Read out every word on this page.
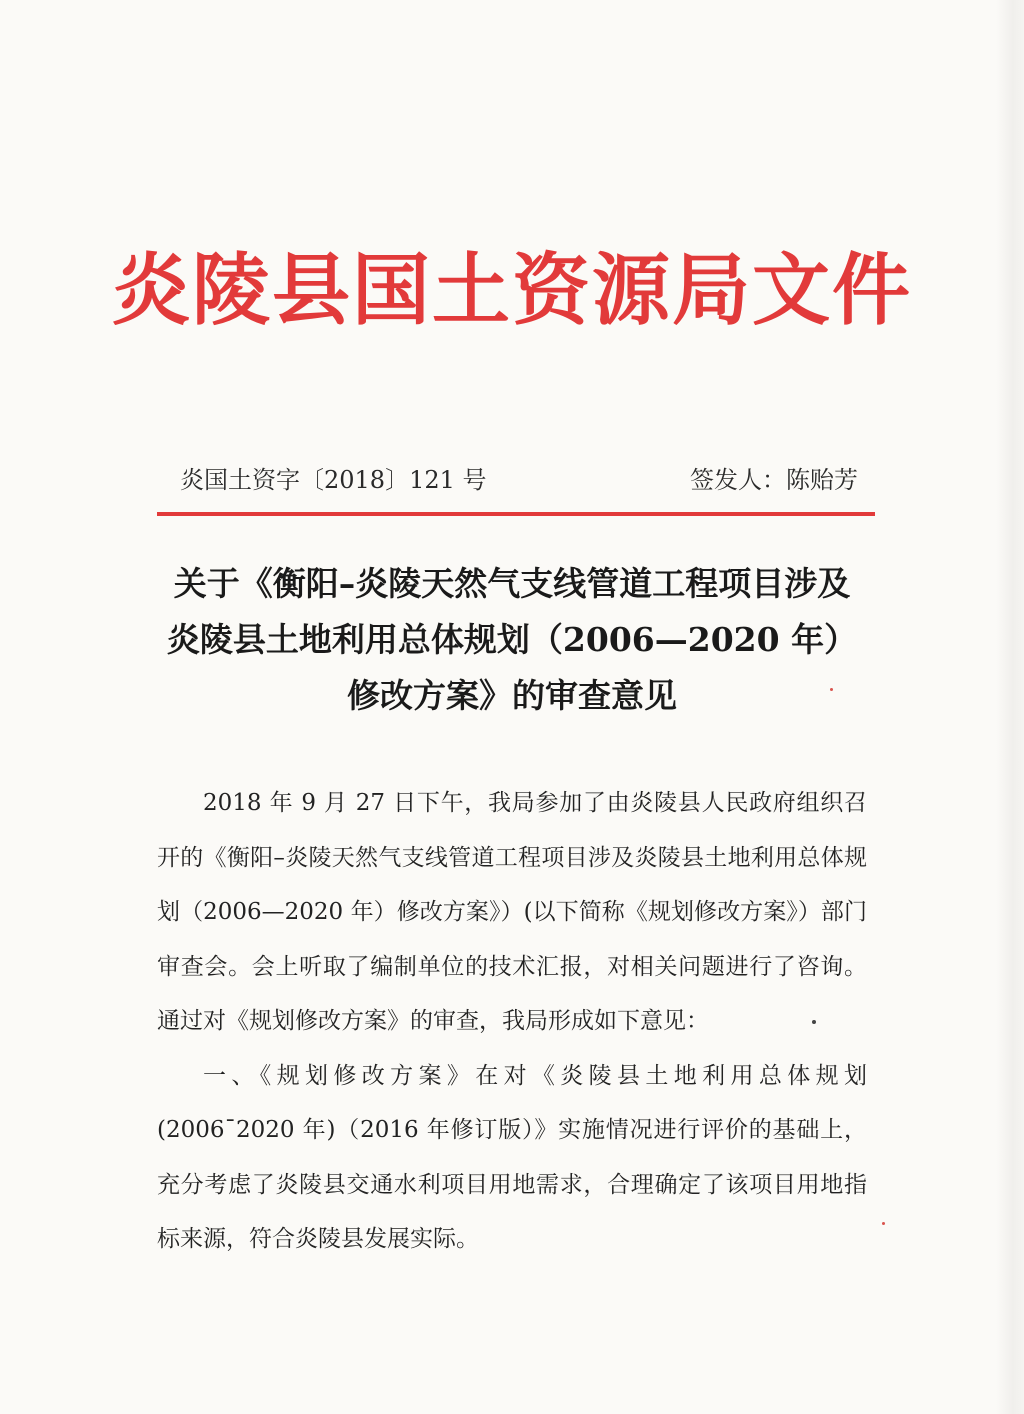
炎陵县国土资源局文件
炎国土资字〔2018〕121 号	签发人：陈贻芳
关于《衡阳–炎陵天然气支线管道工程项目涉及
炎陵县土地利用总体规划（2006—2020 年）
修改方案》的审查意见

2018 年 9 月 27 日下午，我局参加了由炎陵县人民政府组织召开的《衡阳–炎陵天然气支线管道工程项目涉及炎陵县土地利用总体规划（2006—2020 年）修改方案》）(以下简称《规划修改方案》）部门审查会。会上听取了编制单位的技术汇报，对相关问题进行了咨询。通过对《规划修改方案》的审查，我局形成如下意见：

一、《规划修改方案》在对《炎陵县土地利用总体规划(2006¯2020 年)（2016 年修订版）》实施情况进行评价的基础上，充分考虑了炎陵县交通水利项目用地需求，合理确定了该项目用地指标来源，符合炎陵县发展实际。
